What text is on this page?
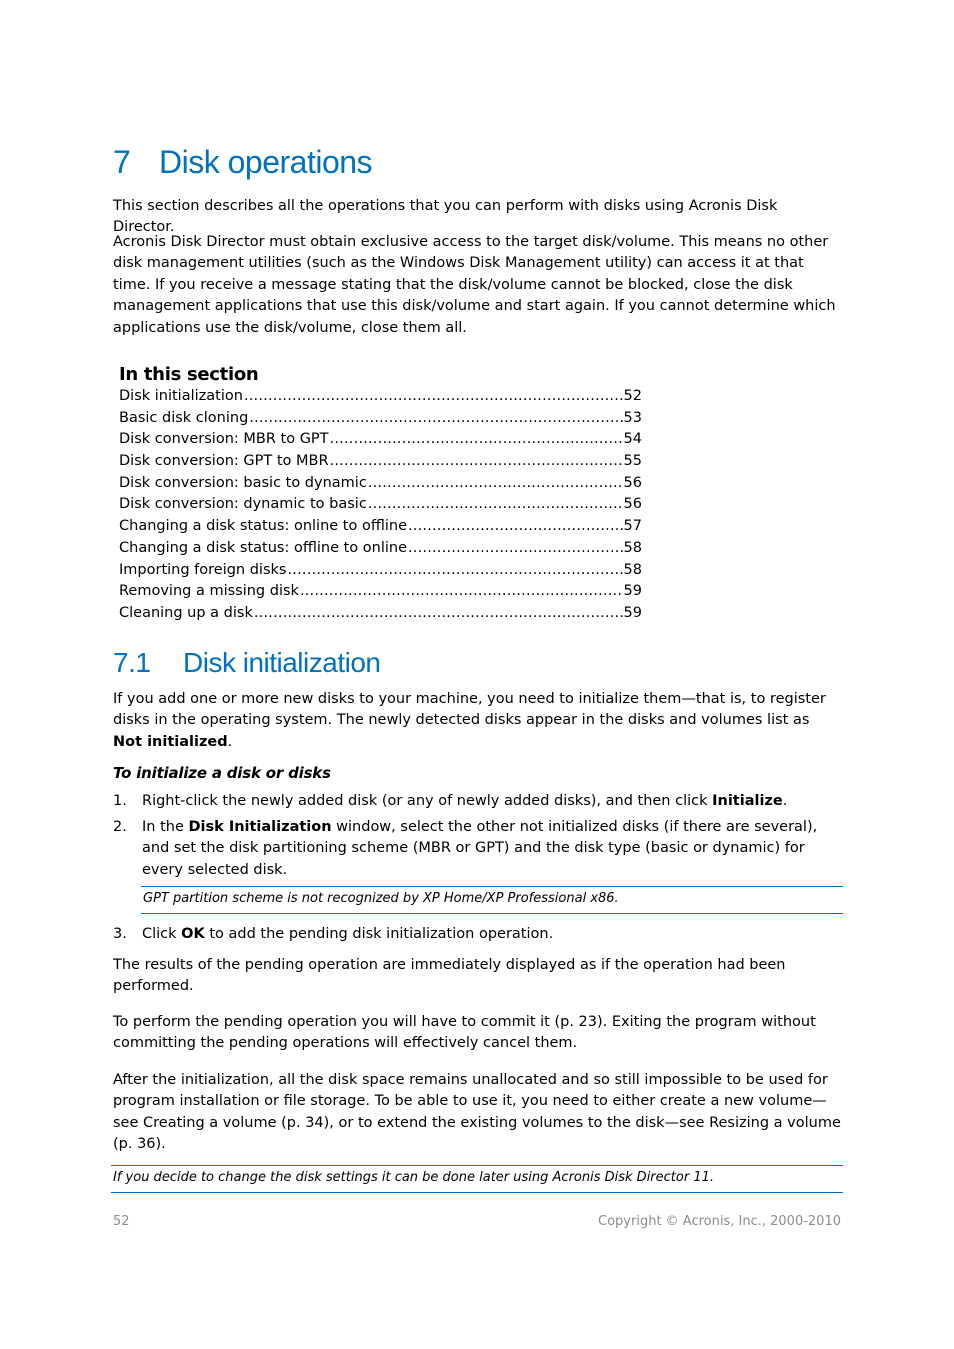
7 Disk operations

This section describes all the operations that you can perform with disks using Acronis Disk Director.

Acronis Disk Director must obtain exclusive access to the target disk/volume. This means no other disk management utilities (such as the Windows Disk Management utility) can access it at that time. If you receive a message stating that the disk/volume cannot be blocked, close the disk management applications that use this disk/volume and start again. If you cannot determine which applications use the disk/volume, close them all.

In this section

Disk initialization .....	52
Basic disk cloning .....	53
Disk conversion: MBR to GPT .....	54
Disk conversion: GPT to MBR .....	55
Disk conversion: basic to dynamic .....	56
Disk conversion: dynamic to basic .....	56
Changing a disk status: online to offline .....	57
Changing a disk status: offline to online .....	58
Importing foreign disks .....	58
Removing a missing disk .....	59
Cleaning up a disk .....	59
7.1 Disk initialization

If you add one or more new disks to your machine, you need to initialize them—that is, to register disks in the operating system. The newly detected disks appear in the disks and volumes list as Not initialized.

To initialize a disk or disks

1. Right-click the newly added disk (or any of newly added disks), and then click Initialize.

2. In the Disk Initialization window, select the other not initialized disks (if there are several), and set the disk partitioning scheme (MBR or GPT) and the disk type (basic or dynamic) for every selected disk.

GPT partition scheme is not recognized by XP Home/XP Professional x86.
3. Click OK to add the pending disk initialization operation.

The results of the pending operation are immediately displayed as if the operation had been performed.

To perform the pending operation you will have to commit it (p. 23). Exiting the program without committing the pending operations will effectively cancel them.

After the initialization, all the disk space remains unallocated and so still impossible to be used for program installation or file storage. To be able to use it, you need to either create a new volume—see Creating a volume (p. 34), or to extend the existing volumes to the disk—see Resizing a volume (p. 36).

If you decide to change the disk settings it can be done later using Acronis Disk Director 11.
52	Copyright © Acronis, Inc., 2000-2010
